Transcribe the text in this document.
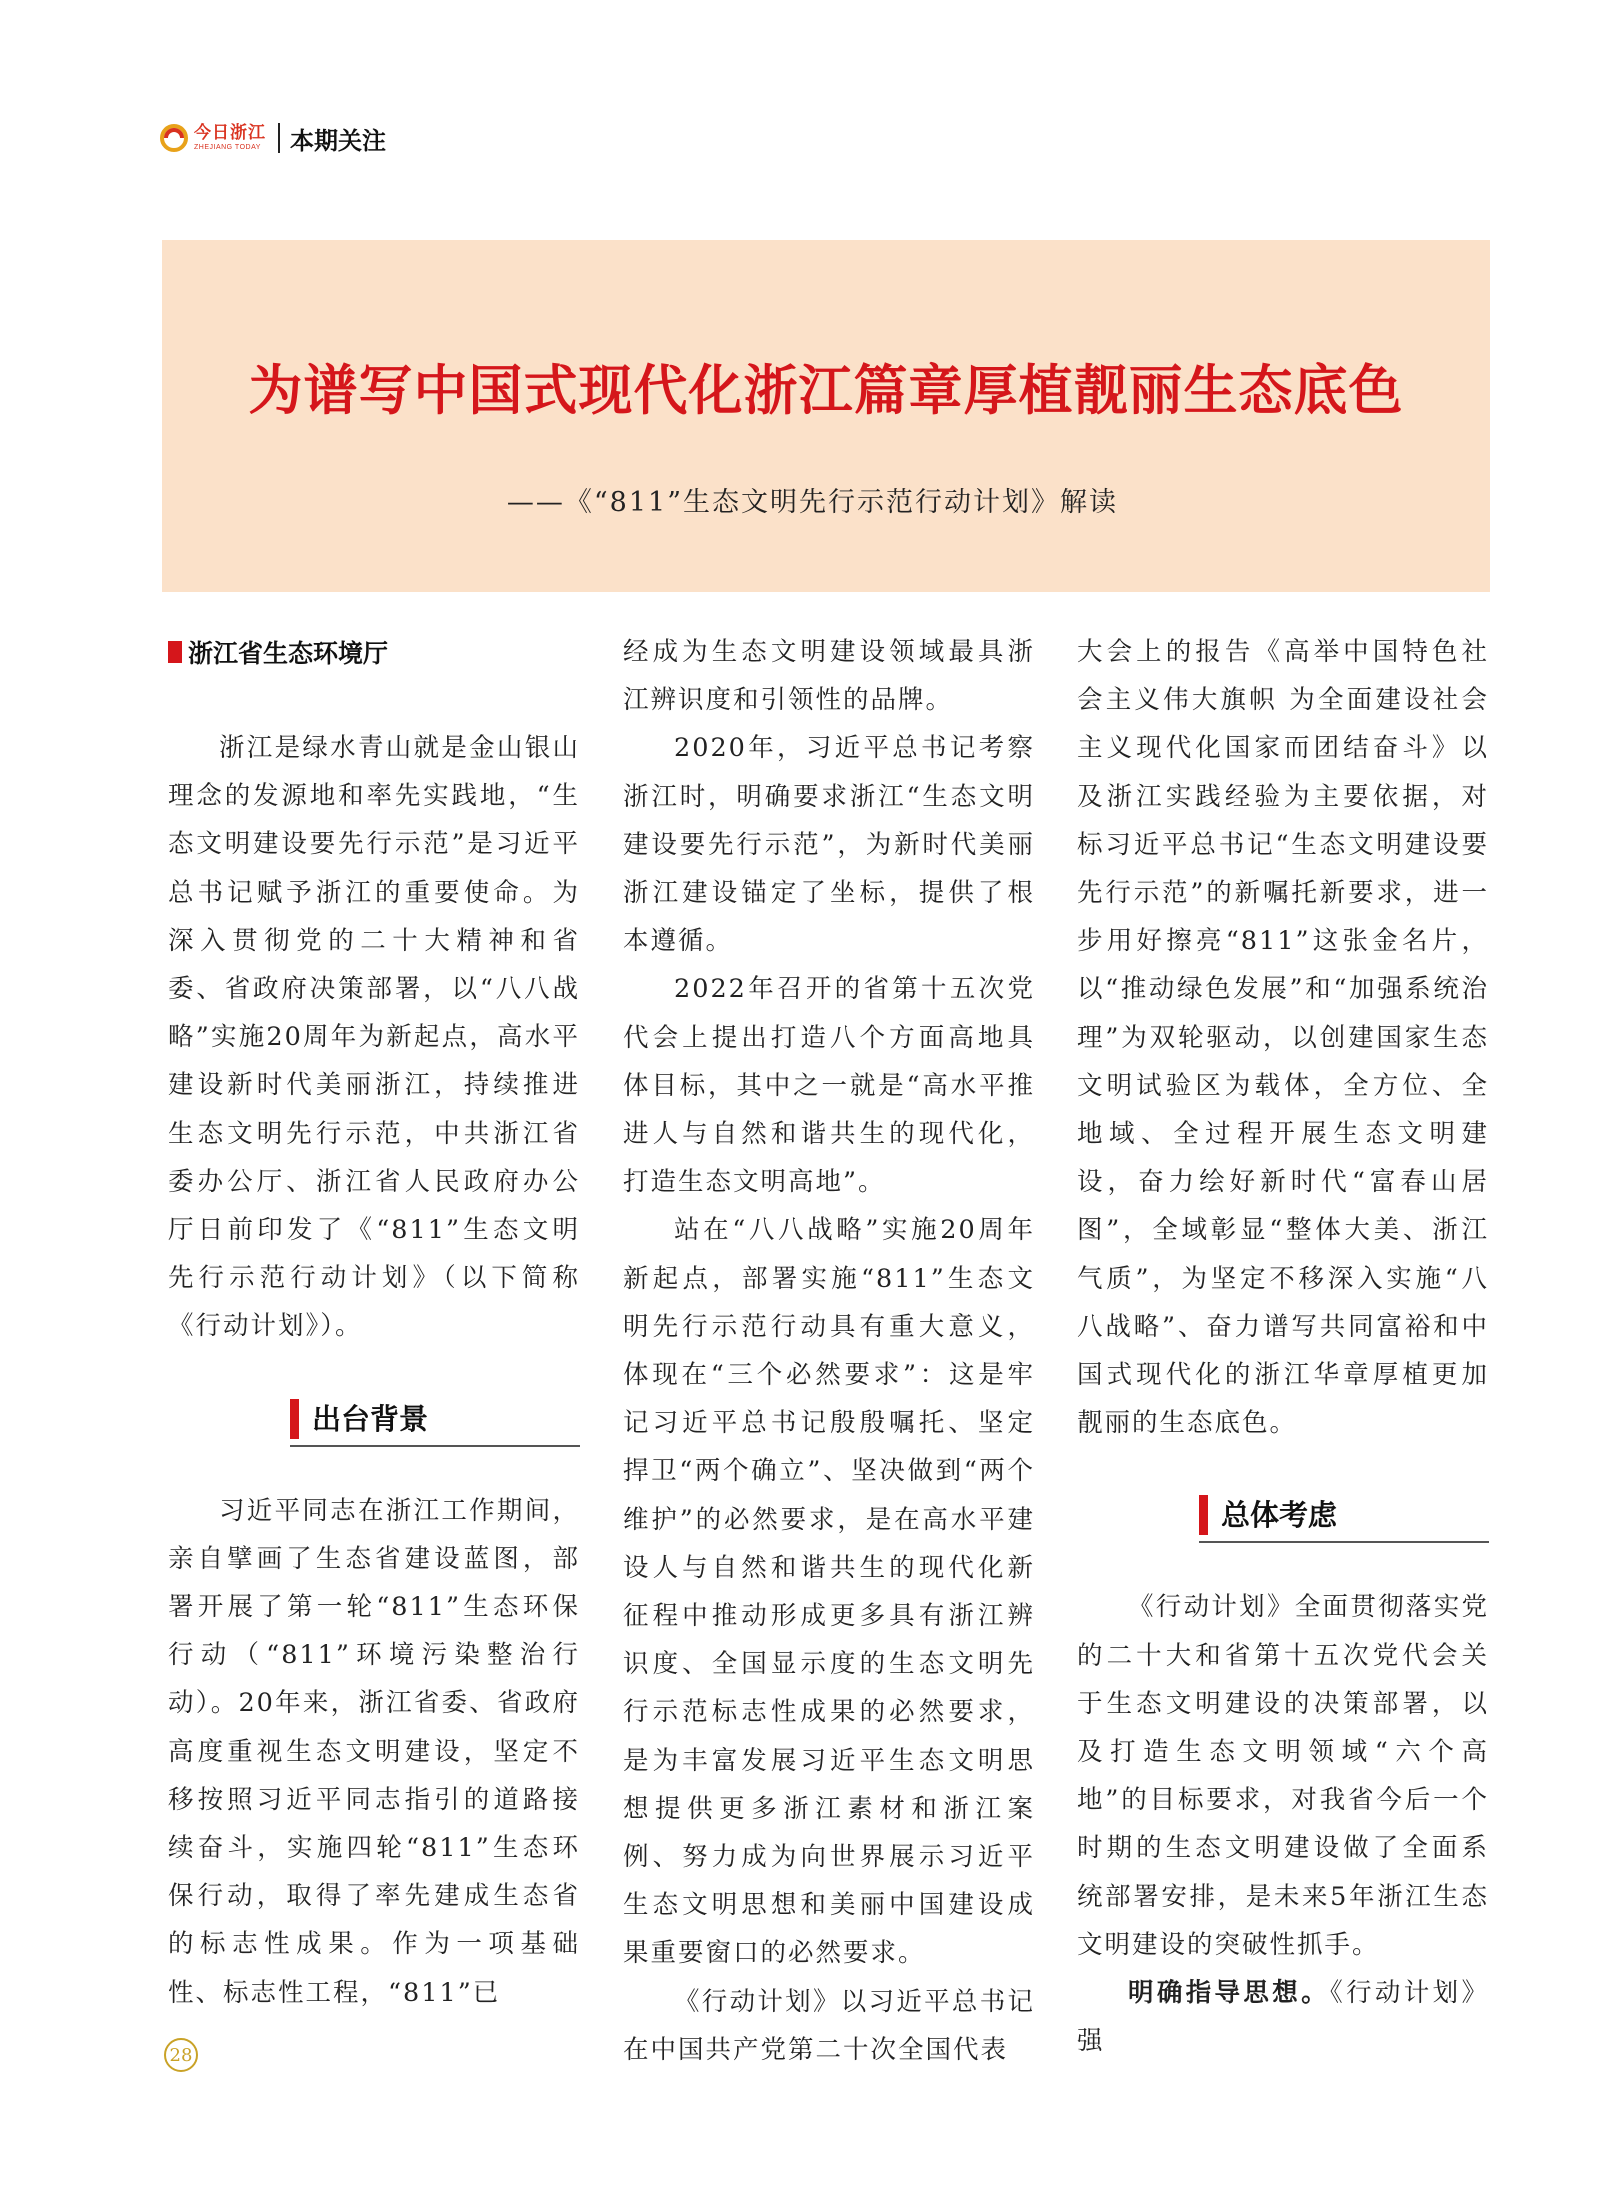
今日浙江
ZHEJIANG TODAY 本期关注
为谱写中国式现代化浙江篇章厚植靓丽生态底色
——《“811”生态文明先行示范行动计划》解读
浙江省生态环境厅

浙江是绿水青山就是金山银山理念的发源地和率先实践地，“生态文明建设要先行示范”是习近平总书记赋予浙江的重要使命。为深入贯彻党的二十大精神和省委、省政府决策部署，以“八八战略”实施20周年为新起点，高水平建设新时代美丽浙江，持续推进生态文明先行示范，中共浙江省委办公厅、浙江省人民政府办公厅日前印发了《“811”生态文明先行示范行动计划》（以下简称《行动计划》）。

出台背景

习近平同志在浙江工作期间，亲自擘画了生态省建设蓝图，部署开展了第一轮“811”生态环保行动（“811”环境污染整治行动）。20年来，浙江省委、省政府高度重视生态文明建设，坚定不移按照习近平同志指引的道路接续奋斗，实施四轮“811”生态环保行动，取得了率先建成生态省的标志性成果。作为一项基础性、标志性工程，“811”已

经成为生态文明建设领域最具浙江辨识度和引领性的品牌。

2020年，习近平总书记考察浙江时，明确要求浙江“生态文明建设要先行示范”，为新时代美丽浙江建设锚定了坐标，提供了根本遵循。

2022年召开的省第十五次党代会上提出打造八个方面高地具体目标，其中之一就是“高水平推进人与自然和谐共生的现代化，打造生态文明高地”。

站在“八八战略”实施20周年新起点，部署实施“811”生态文明先行示范行动具有重大意义，体现在“三个必然要求”：这是牢记习近平总书记殷殷嘱托、坚定捍卫“两个确立”、坚决做到“两个维护”的必然要求，是在高水平建设人与自然和谐共生的现代化新征程中推动形成更多具有浙江辨识度、全国显示度的生态文明先行示范标志性成果的必然要求，是为丰富发展习近平生态文明思想提供更多浙江素材和浙江案例、努力成为向世界展示习近平生态文明思想和美丽中国建设成果重要窗口的必然要求。

《行动计划》以习近平总书记在中国共产党第二十次全国代表

大会上的报告《高举中国特色社会主义伟大旗帜 为全面建设社会主义现代化国家而团结奋斗》以及浙江实践经验为主要依据，对标习近平总书记“生态文明建设要先行示范”的新嘱托新要求，进一步用好擦亮“811”这张金名片，以“推动绿色发展”和“加强系统治理”为双轮驱动，以创建国家生态文明试验区为载体，全方位、全地域、全过程开展生态文明建设，奋力绘好新时代“富春山居图”，全域彰显“整体大美、浙江气质”，为坚定不移深入实施“八八战略”、奋力谱写共同富裕和中国式现代化的浙江华章厚植更加靓丽的生态底色。

总体考虑

《行动计划》全面贯彻落实党的二十大和省第十五次党代会关于生态文明建设的决策部署，以及打造生态文明领域“六个高地”的目标要求，对我省今后一个时期的生态文明建设做了全面系统部署安排，是未来5年浙江生态文明建设的突破性抓手。

明确指导思想。《行动计划》强

28
